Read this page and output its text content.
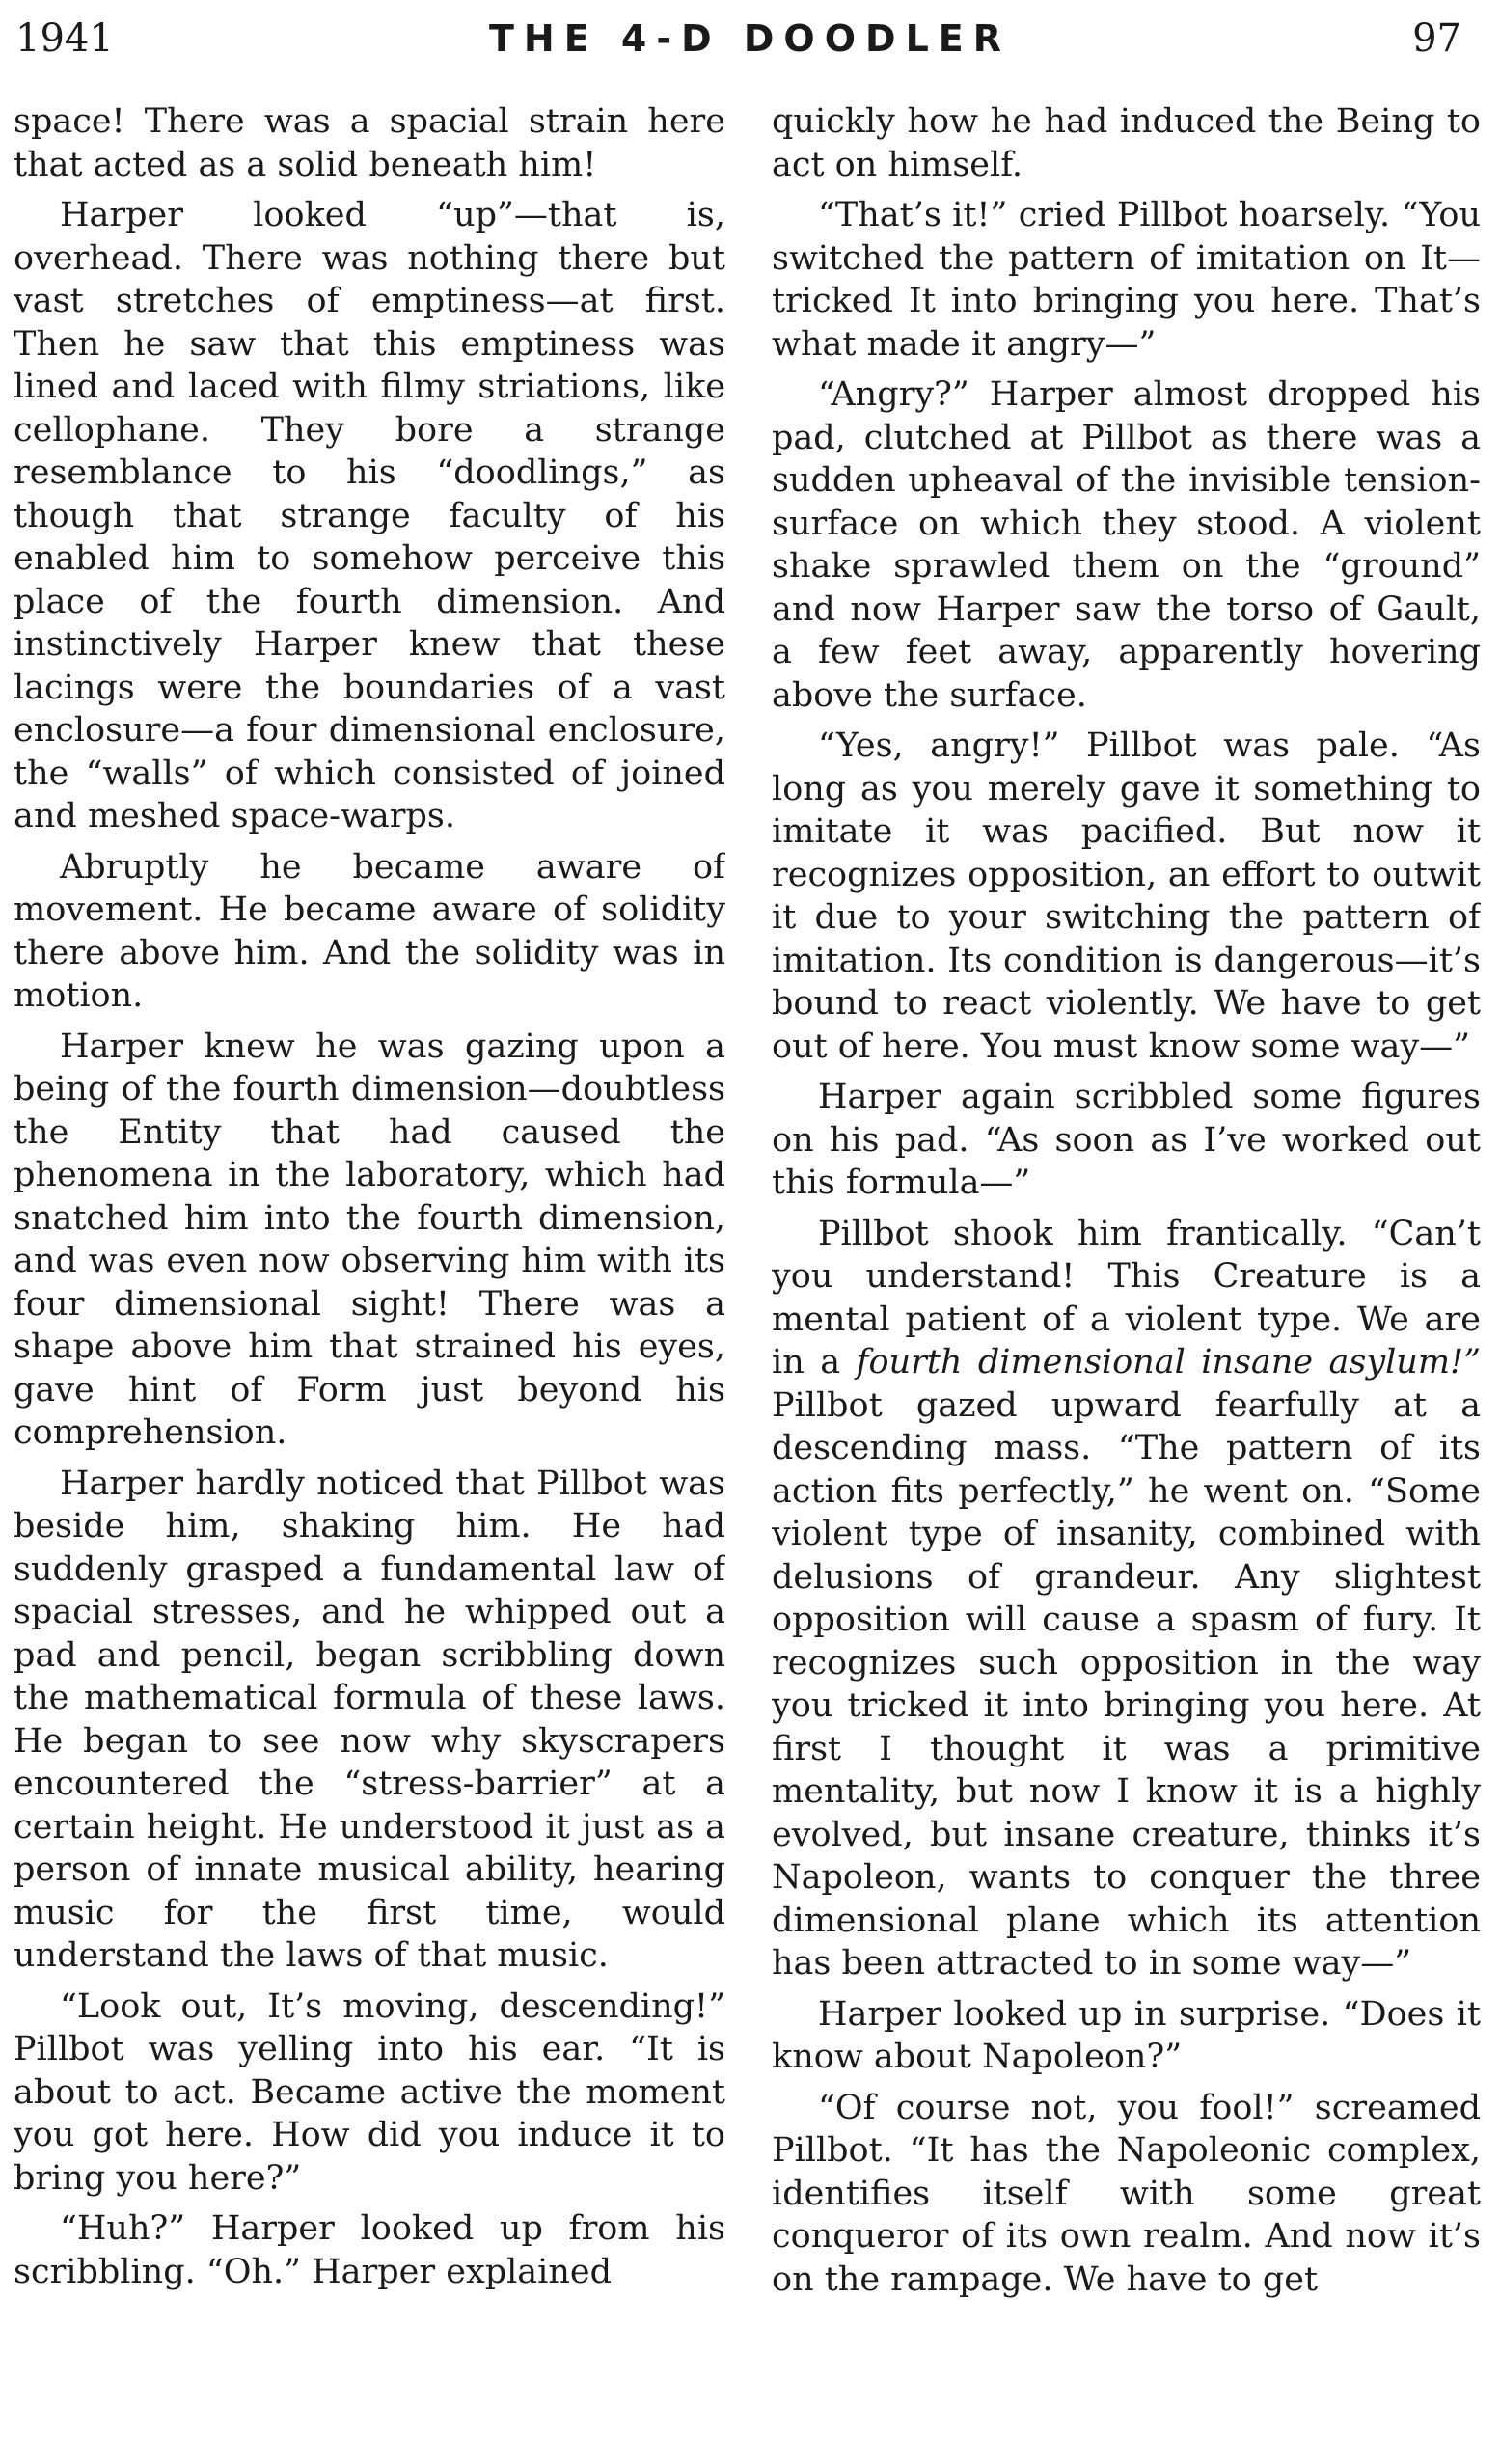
1941	THE 4-D DOODLER	97

space! There was a spacial strain here that acted as a solid beneath him!

Harper looked “up”—that is, overhead. There was nothing there but vast stretches of emptiness—at first. Then he saw that this emptiness was lined and laced with filmy striations, like cellophane. They bore a strange resemblance to his “doodlings,” as though that strange faculty of his enabled him to somehow perceive this place of the fourth dimension. And instinctively Harper knew that these lacings were the boundaries of a vast enclosure—a four dimensional enclosure, the “walls” of which consisted of joined and meshed space-warps.

Abruptly he became aware of movement. He became aware of solidity there above him. And the solidity was in motion.

Harper knew he was gazing upon a being of the fourth dimension—doubtless the Entity that had caused the phenomena in the laboratory, which had snatched him into the fourth dimension, and was even now observing him with its four dimensional sight! There was a shape above him that strained his eyes, gave hint of Form just beyond his comprehension.

Harper hardly noticed that Pillbot was beside him, shaking him. He had suddenly grasped a fundamental law of spacial stresses, and he whipped out a pad and pencil, began scribbling down the mathematical formula of these laws. He began to see now why skyscrapers encountered the “stress-barrier” at a certain height. He understood it just as a person of innate musical ability, hearing music for the first time, would understand the laws of that music.

“Look out, It’s moving, descending!” Pillbot was yelling into his ear. “It is about to act. Became active the moment you got here. How did you induce it to bring you here?”

“Huh?” Harper looked up from his scribbling. “Oh.” Harper explained

quickly how he had induced the Being to act on himself.

“That’s it!” cried Pillbot hoarsely. “You switched the pattern of imitation on It—tricked It into bringing you here. That’s what made it angry—”

“Angry?” Harper almost dropped his pad, clutched at Pillbot as there was a sudden upheaval of the invisible tension-surface on which they stood. A violent shake sprawled them on the “ground” and now Harper saw the torso of Gault, a few feet away, apparently hovering above the surface.

“Yes, angry!” Pillbot was pale. “As long as you merely gave it something to imitate it was pacified. But now it recognizes opposition, an effort to outwit it due to your switching the pattern of imitation. Its condition is dangerous—it’s bound to react violently. We have to get out of here. You must know some way—”

Harper again scribbled some figures on his pad. “As soon as I’ve worked out this formula—”

Pillbot shook him frantically. “Can’t you understand! This Creature is a mental patient of a violent type. We are in a fourth dimensional insane asylum!” Pillbot gazed upward fearfully at a descending mass. “The pattern of its action fits perfectly,” he went on. “Some violent type of insanity, combined with delusions of grandeur. Any slightest opposition will cause a spasm of fury. It recognizes such opposition in the way you tricked it into bringing you here. At first I thought it was a primitive mentality, but now I know it is a highly evolved, but insane creature, thinks it’s Napoleon, wants to conquer the three dimensional plane which its attention has been attracted to in some way—”

Harper looked up in surprise. “Does it know about Napoleon?”

“Of course not, you fool!” screamed Pillbot. “It has the Napoleonic complex, identifies itself with some great conqueror of its own realm. And now it’s on the rampage. We have to get
